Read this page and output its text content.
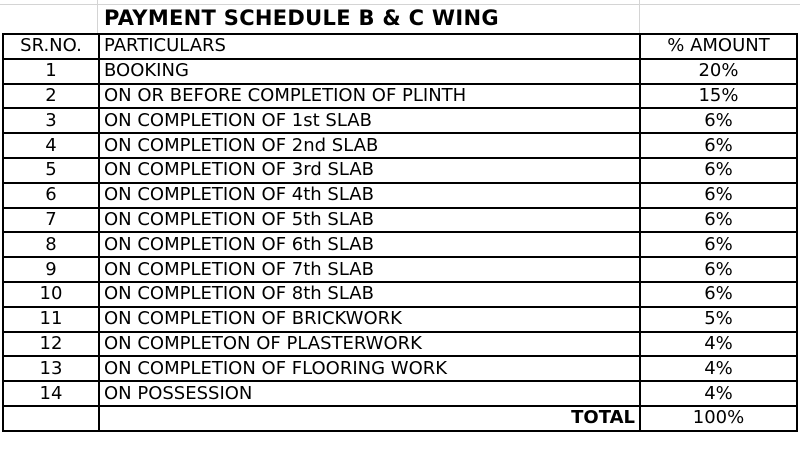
PAYMENT SCHEDULE B & C WING
SR.NO.	PARTICULARS	% AMOUNT
1	BOOKING	20%
2	ON OR BEFORE COMPLETION OF PLINTH	15%
3	ON COMPLETION OF 1st SLAB	6%
4	ON COMPLETION OF 2nd SLAB	6%
5	ON COMPLETION OF 3rd SLAB	6%
6	ON COMPLETION OF 4th SLAB	6%
7	ON COMPLETION OF 5th SLAB	6%
8	ON COMPLETION OF 6th SLAB	6%
9	ON COMPLETION OF 7th SLAB	6%
10	ON COMPLETION OF 8th SLAB	6%
11	ON COMPLETION OF BRICKWORK	5%
12	ON COMPLETON OF PLASTERWORK	4%
13	ON COMPLETION OF FLOORING WORK	4%
14	ON POSSESSION	4%
	TOTAL	100%
